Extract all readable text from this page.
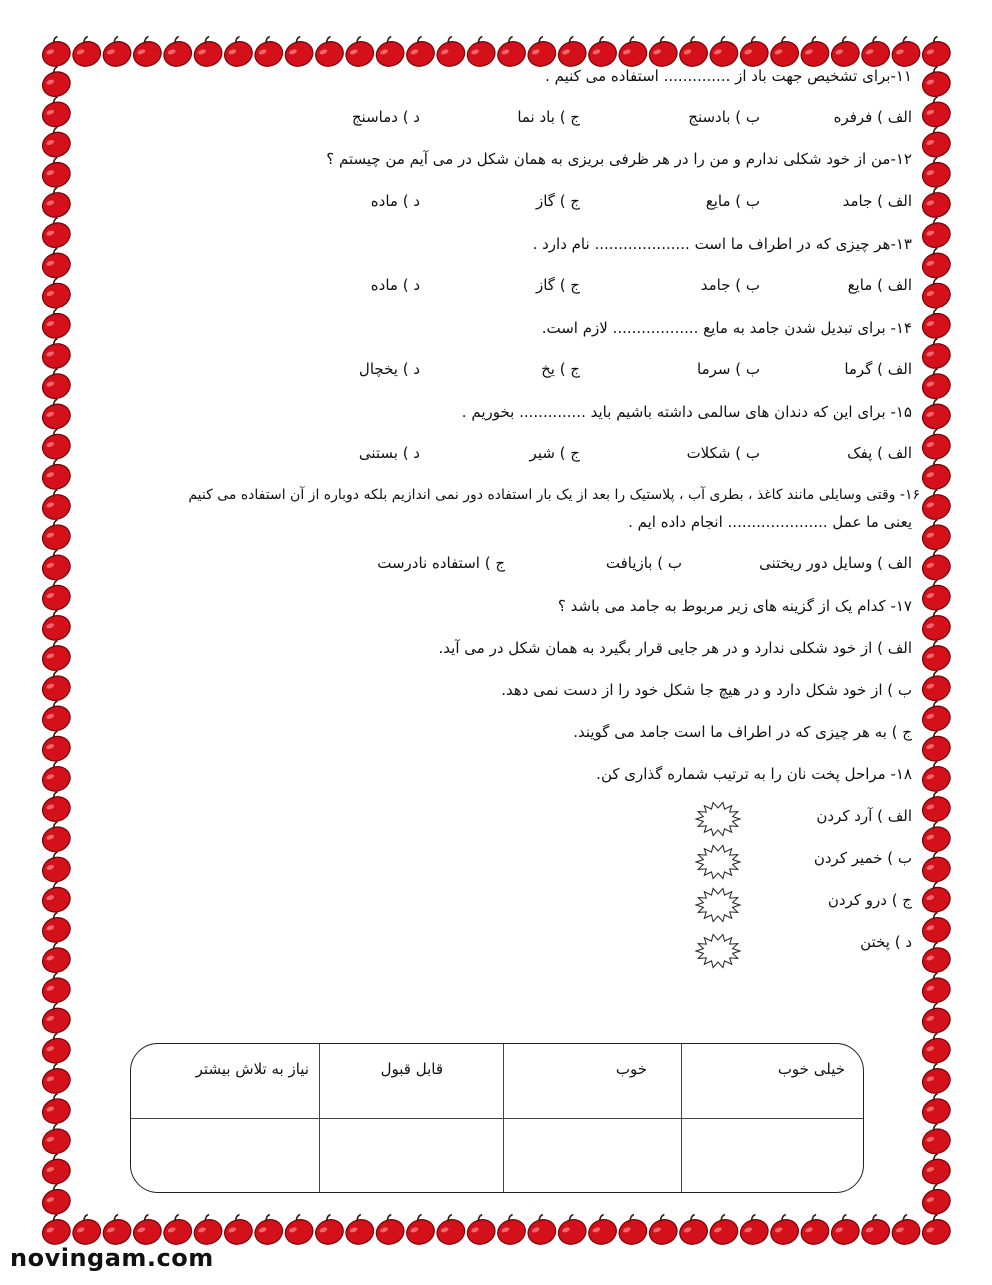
۱۱-برای تشخیص جهت باد از .............. استفاده می کنیم .
الف ) فرفره
ب ) بادسنج
ج ) باد نما
د ) دماسنج
۱۲-من از خود شکلی ندارم و من را در هر ظرفی بریزی به همان شکل در می آیم من چیستم ؟
الف ) جامد
ب ) مایع
ج ) گاز
د ) ماده
۱۳-هر چیزی که در اطراف ما است .................... نام دارد .
الف ) مایع
ب ) جامد
ج ) گاز
د ) ماده
۱۴- برای تبدیل شدن جامد به مایع .................. لازم است.
الف ) گرما
ب ) سرما
ج ) یخ
د ) یخچال
۱۵- برای این که دندان های سالمی داشته باشیم باید .............. بخوریم .
الف ) پفک
ب ) شکلات
ج ) شیر
د ) بستنی
۱۶- وقتی وسایلی مانند کاغذ ، بطری آب ، پلاستیک را بعد از یک بار استفاده دور نمی اندازیم بلکه دوباره از آن استفاده می کنیم
یعنی ما عمل ..................... انجام داده ایم .
الف ) وسایل دور ریختنی
ب ) بازیافت
ج ) استفاده نادرست
۱۷- کدام یک از گزینه های زیر مربوط به جامد می باشد ؟
الف ) از خود شکلی ندارد و در هر جایی قرار بگیرد به همان شکل در می آید.
ب ) از خود شکل دارد و در هیچ جا شکل خود را از دست نمی دهد.
ج ) به هر چیزی که در اطراف ما است جامد می گویند.
۱۸- مراحل پخت نان را به ترتیب شماره گذاری کن.
الف ) آرد کردن
ب ) خمیر کردن
ج ) درو کردن
د ) پختن
خیلی خوب
خوب
قابل قبول
نیاز به تلاش بیشتر
novingam.com
